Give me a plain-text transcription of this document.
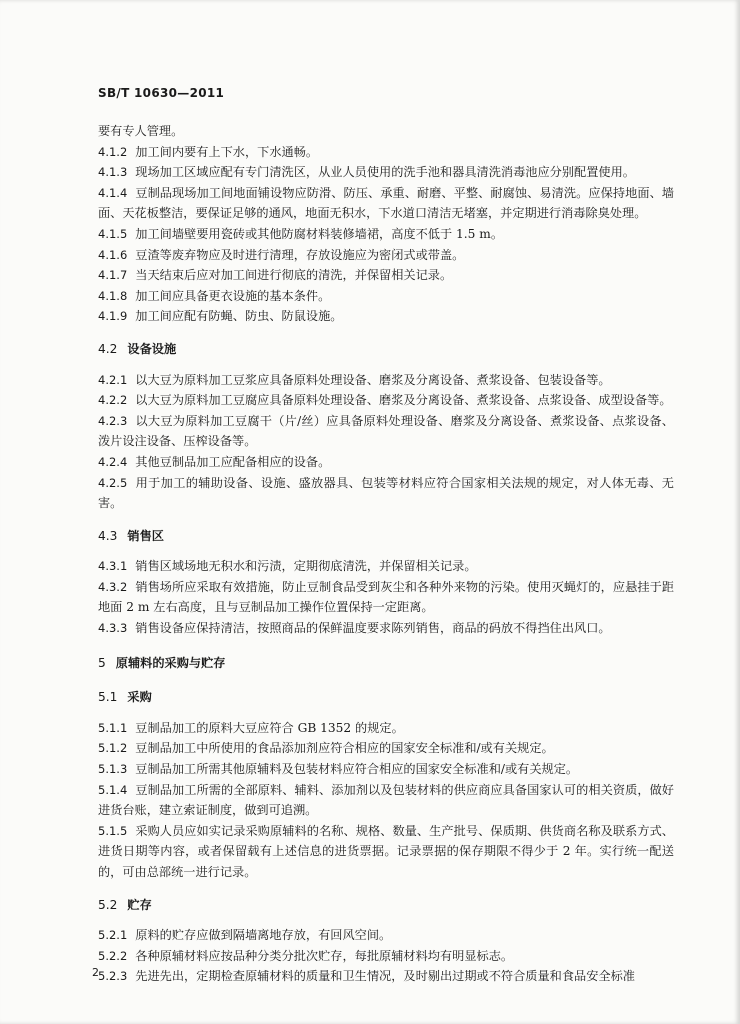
SB/T 10630—2011
要有专人管理。
4.1.2 加工间内要有上下水，下水通畅。
4.1.3 现场加工区域应配有专门清洗区，从业人员使用的洗手池和器具清洗消毒池应分别配置使用。
4.1.4 豆制品现场加工间地面铺设物应防滑、防压、承重、耐磨、平整、耐腐蚀、易清洗。应保持地面、墙面、天花板整洁，要保证足够的通风，地面无积水，下水道口清洁无堵塞，并定期进行消毒除臭处理。
4.1.5 加工间墙壁要用瓷砖或其他防腐材料装修墙裙，高度不低于 1.5 m。
4.1.6 豆渣等废弃物应及时进行清理，存放设施应为密闭式或带盖。
4.1.7 当天结束后应对加工间进行彻底的清洗，并保留相关记录。
4.1.8 加工间应具备更衣设施的基本条件。
4.1.9 加工间应配有防蝇、防虫、防鼠设施。
4.2 设备设施
4.2.1 以大豆为原料加工豆浆应具备原料处理设备、磨浆及分离设备、煮浆设备、包装设备等。
4.2.2 以大豆为原料加工豆腐应具备原料处理设备、磨浆及分离设备、煮浆设备、点浆设备、成型设备等。
4.2.3 以大豆为原料加工豆腐干（片/丝）应具备原料处理设备、磨浆及分离设备、煮浆设备、点浆设备、泼片设注设备、压榨设备等。
4.2.4 其他豆制品加工应配备相应的设备。
4.2.5 用于加工的辅助设备、设施、盛放器具、包装等材料应符合国家相关法规的规定，对人体无毒、无害。
4.3 销售区
4.3.1 销售区域场地无积水和污渍，定期彻底清洗，并保留相关记录。
4.3.2 销售场所应采取有效措施，防止豆制食品受到灰尘和各种外来物的污染。使用灭蝇灯的，应悬挂于距地面 2 m 左右高度，且与豆制品加工操作位置保持一定距离。
4.3.3 销售设备应保持清洁，按照商品的保鲜温度要求陈列销售，商品的码放不得挡住出风口。
5 原辅料的采购与贮存
5.1 采购
5.1.1 豆制品加工的原料大豆应符合 GB 1352 的规定。
5.1.2 豆制品加工中所使用的食品添加剂应符合相应的国家安全标准和/或有关规定。
5.1.3 豆制品加工所需其他原辅料及包装材料应符合相应的国家安全标准和/或有关规定。
5.1.4 豆制品加工所需的全部原料、辅料、添加剂以及包装材料的供应商应具备国家认可的相关资质，做好进货台账，建立索证制度，做到可追溯。
5.1.5 采购人员应如实记录采购原辅料的名称、规格、数量、生产批号、保质期、供货商名称及联系方式、进货日期等内容，或者保留载有上述信息的进货票据。记录票据的保存期限不得少于 2 年。实行统一配送的，可由总部统一进行记录。
5.2 贮存
5.2.1 原料的贮存应做到隔墙离地存放，有回风空间。
5.2.2 各种原辅材料应按品种分类分批次贮存，每批原辅材料均有明显标志。
5.2.3 先进先出，定期检查原辅材料的质量和卫生情况，及时剔出过期或不符合质量和食品安全标准
2
